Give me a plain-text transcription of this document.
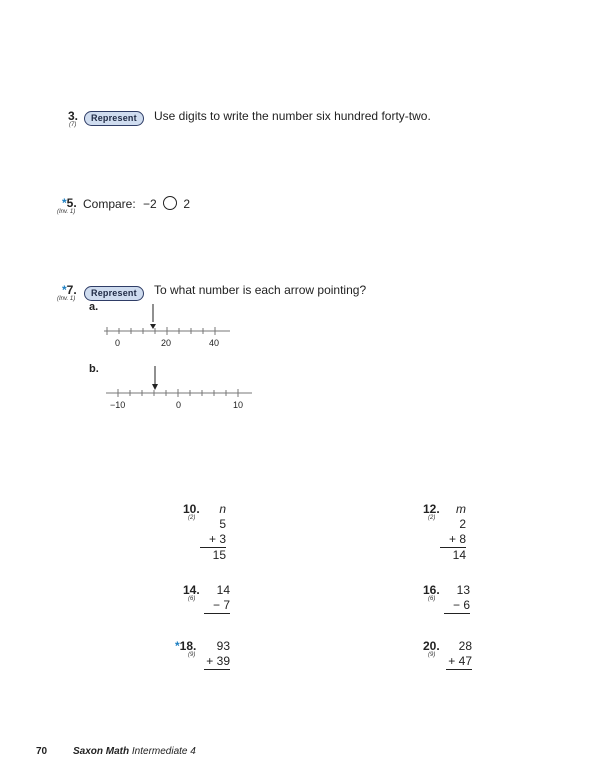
3.
(7)
Represent	Use digits to write the number six hundred forty-two.
*5.
(Inv. 1)
Compare: −2 2
*7.
(Inv. 1)
Represent	To what number is each arrow pointing?
a.
0	20	40
b.
−10	0	10
10.
(2)
n
5
+ 3
15
12.
(2)
m
2
+ 8
14
14.
(6)
14
− 7
16.
(6)
13
− 6
*18.
(9)
93
+ 39
20.
(9)
28
+ 47
70	Saxon Math Intermediate 4
